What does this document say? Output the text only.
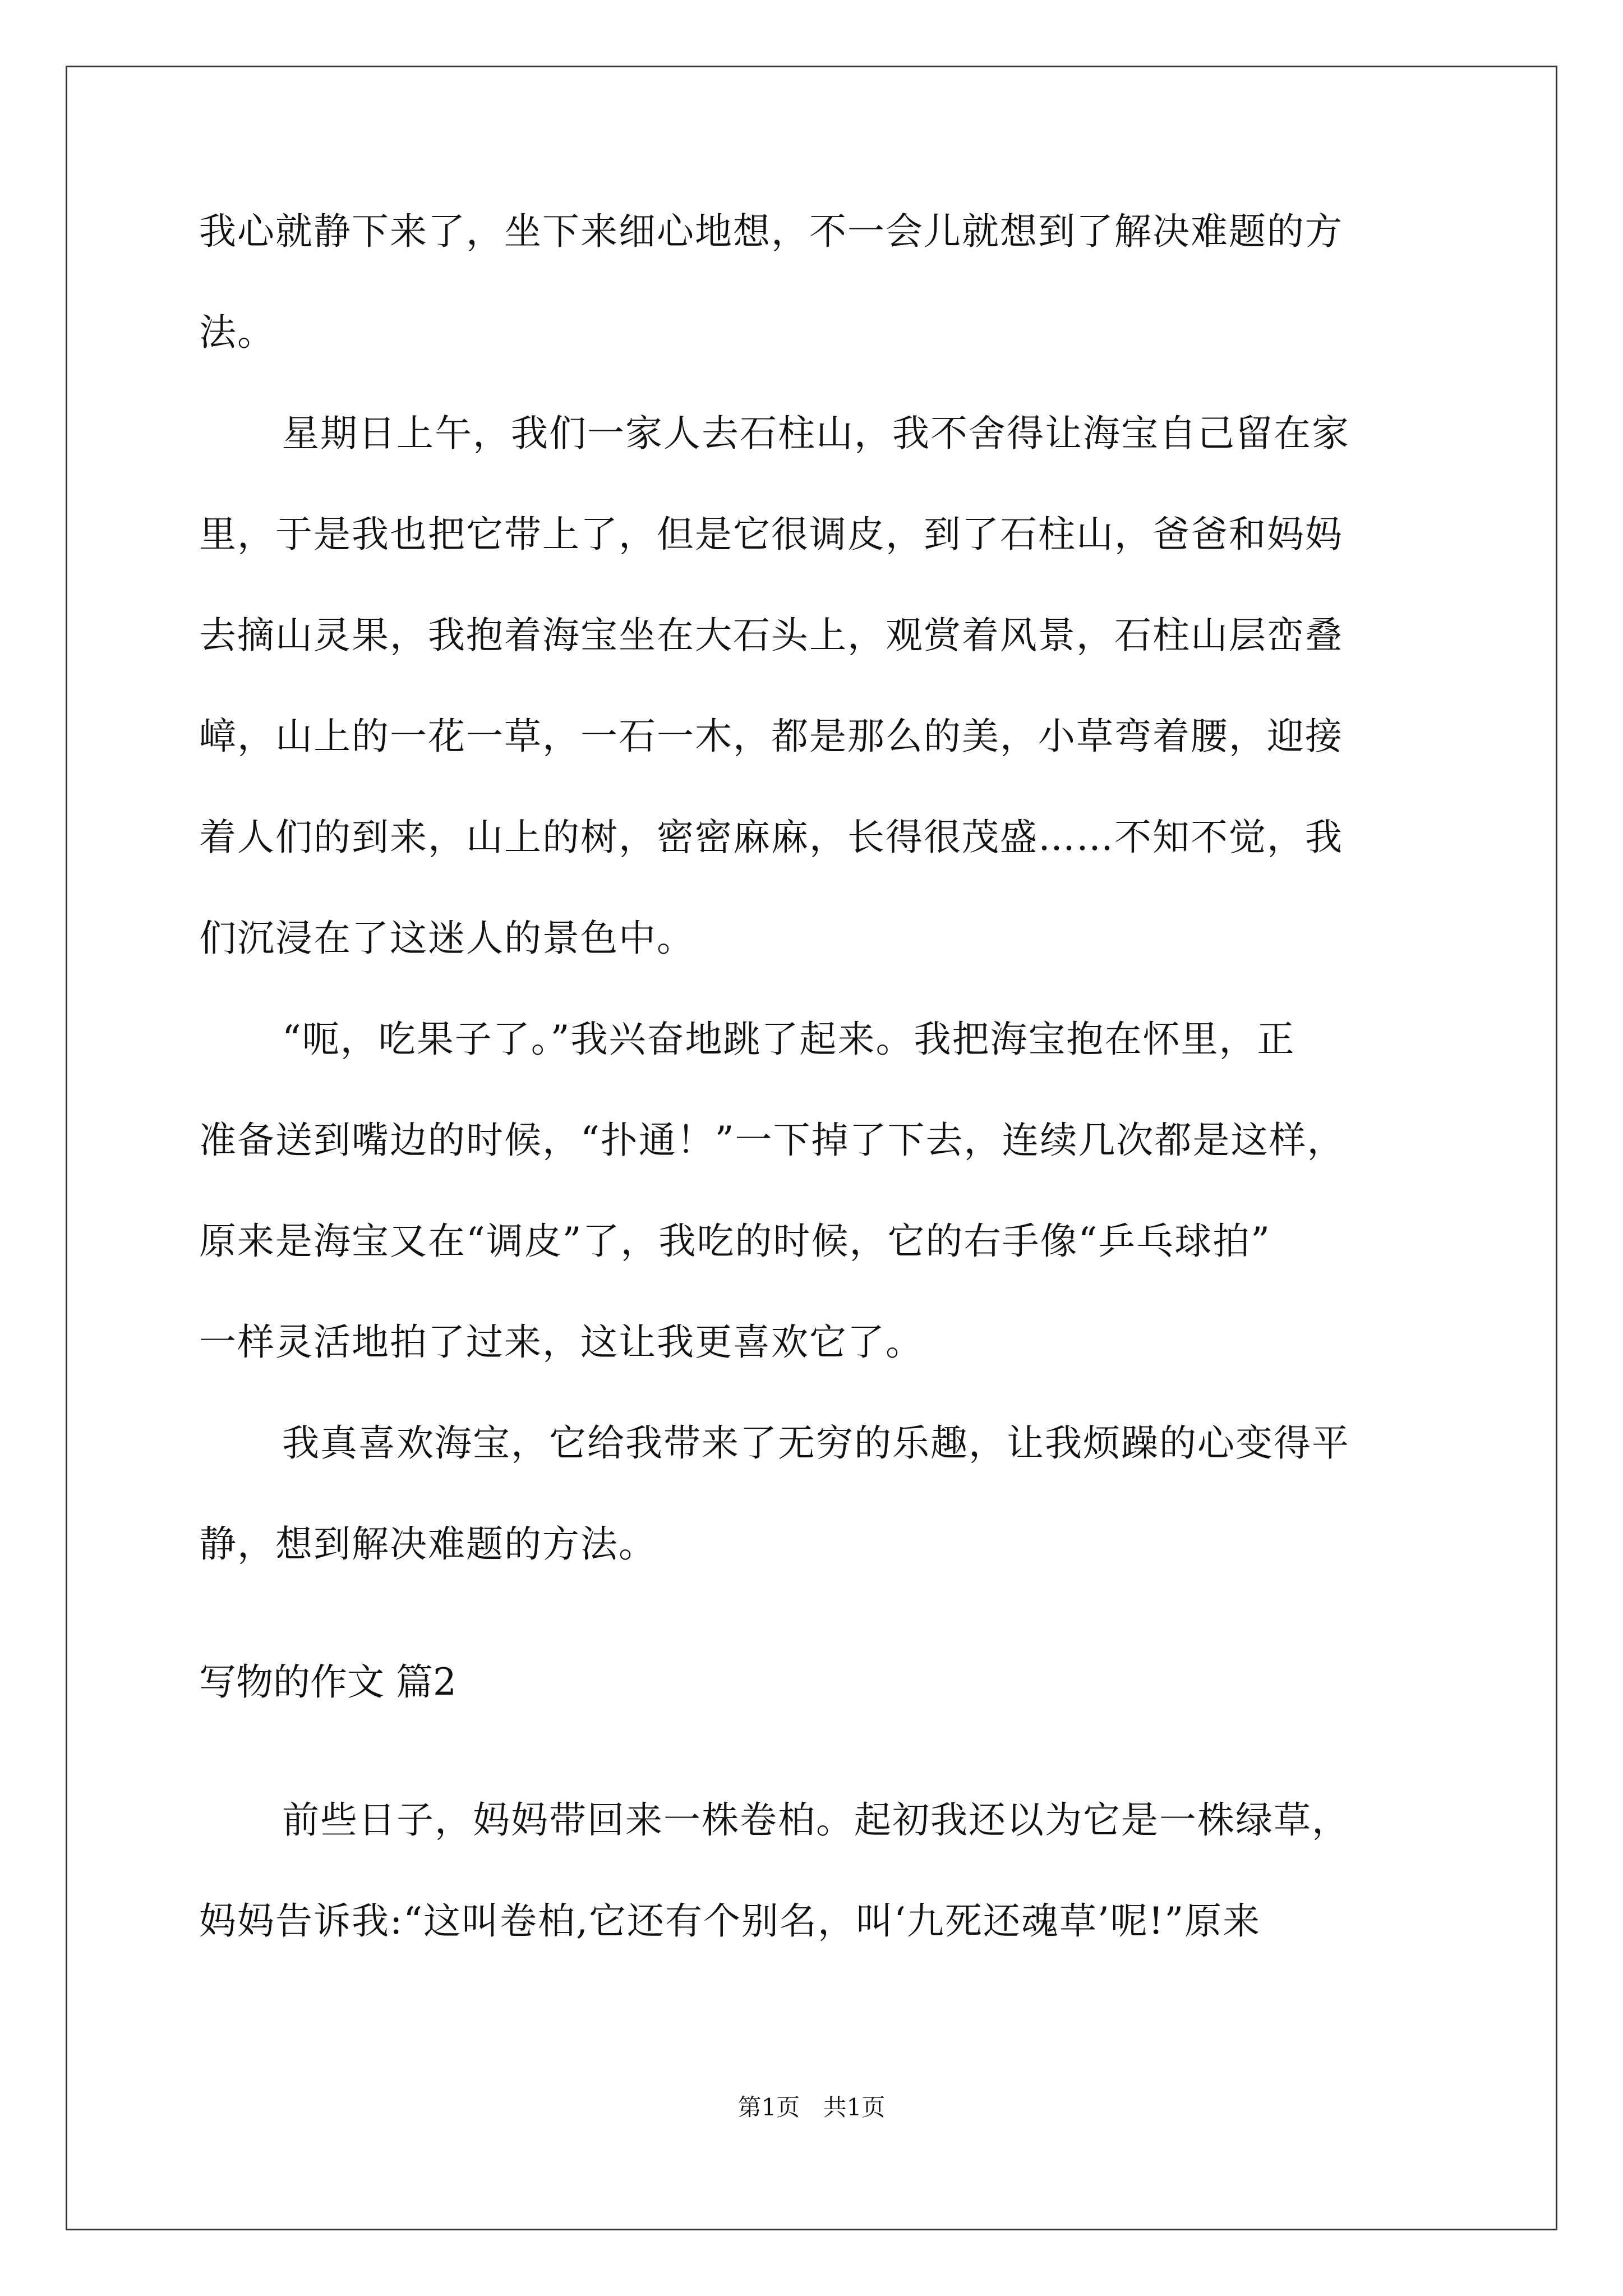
我心就静下来了，坐下来细心地想，不一会儿就想到了解决难题的方

法。

星期日上午，我们一家人去石柱山，我不舍得让海宝自己留在家

里，于是我也把它带上了，但是它很调皮，到了石柱山，爸爸和妈妈

去摘山灵果，我抱着海宝坐在大石头上，观赏着风景，石柱山层峦叠

嶂，山上的一花一草，一石一木，都是那么的美，小草弯着腰，迎接

着人们的到来，山上的树，密密麻麻，长得很茂盛……不知不觉，我

们沉浸在了这迷人的景色中。

“呃，吃果子了。”我兴奋地跳了起来。我把海宝抱在怀里，正

准备送到嘴边的时候，“扑通！”一下掉了下去，连续几次都是这样，

原来是海宝又在“调皮”了，我吃的时候，它的右手像“乒乓球拍”

一样灵活地拍了过来，这让我更喜欢它了。

我真喜欢海宝，它给我带来了无穷的乐趣，让我烦躁的心变得平

静，想到解决难题的方法。

写物的作文 篇2

前些日子，妈妈带回来一株卷柏。起初我还以为它是一株绿草，

妈妈告诉我:“这叫卷柏,它还有个别名，叫‘九死还魂草’呢!”原来

第1页 共1页
